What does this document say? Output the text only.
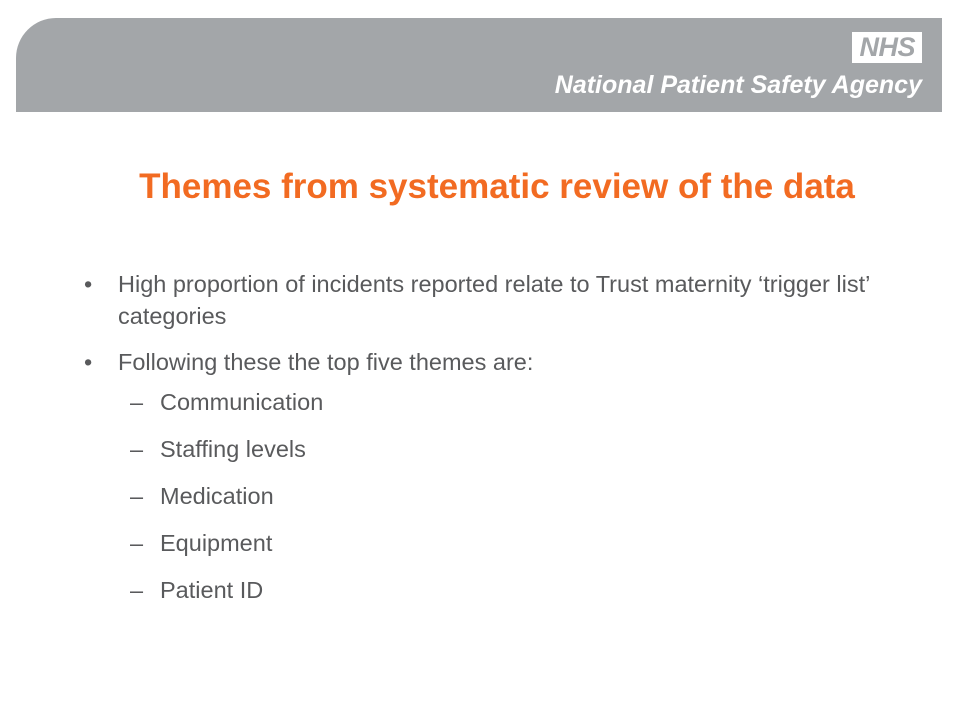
NHS
National Patient Safety Agency
Themes from systematic review of the data
• High proportion of incidents reported relate to Trust maternity ‘trigger list’ categories
• Following these the top five themes are:
– Communication
– Staffing levels
– Medication
– Equipment
– Patient ID
